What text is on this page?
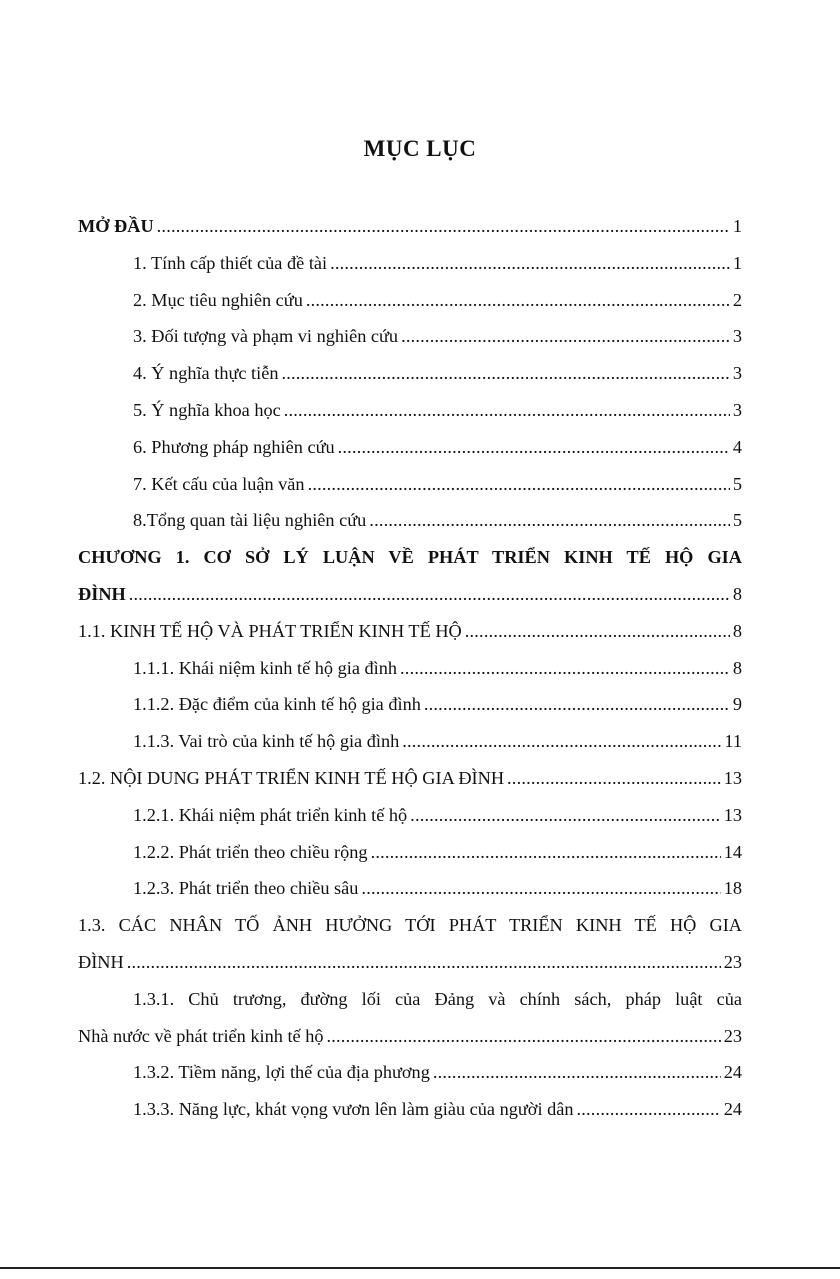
MỤC LỤC
MỞ ĐẦU .....	1
1. Tính cấp thiết của đề tài .....	1
2. Mục tiêu nghiên cứu .....	2
3. Đối tượng và phạm vi nghiên cứu .....	3
4. Ý nghĩa thực tiễn .....	3
5. Ý nghĩa khoa học .....	3
6. Phương pháp nghiên cứu .....	4
7. Kết cấu của luận văn .....	5
8.Tổng quan tài liệu nghiên cứu .....	5
CHƯƠNG 1. CƠ SỞ LÝ LUẬN VỀ PHÁT TRIỂN KINH TẾ HỘ GIA
ĐÌNH .....	8
1.1. KINH TẾ HỘ VÀ PHÁT TRIỂN KINH TẾ HỘ .....	8
1.1.1. Khái niệm kinh tế hộ gia đình .....	8
1.1.2. Đặc điểm của kinh tế hộ gia đình .....	9
1.1.3. Vai trò của kinh tế hộ gia đình .....	11
1.2. NỘI DUNG PHÁT TRIỂN KINH TẾ HỘ GIA ĐÌNH .....	13
1.2.1. Khái niệm phát triển kinh tế hộ .....	13
1.2.2. Phát triển theo chiều rộng .....	14
1.2.3. Phát triển theo chiều sâu .....	18
1.3. CÁC NHÂN TỐ ẢNH HƯỞNG TỚI PHÁT TRIỂN KINH TẾ HỘ GIA
ĐÌNH .....	23
1.3.1. Chủ trương, đường lối của Đảng và chính sách, pháp luật của
Nhà nước về phát triển kinh tế hộ .....	23
1.3.2. Tiềm năng, lợi thế của địa phương .....	24
1.3.3. Năng lực, khát vọng vươn lên làm giàu của người dân .....	24
